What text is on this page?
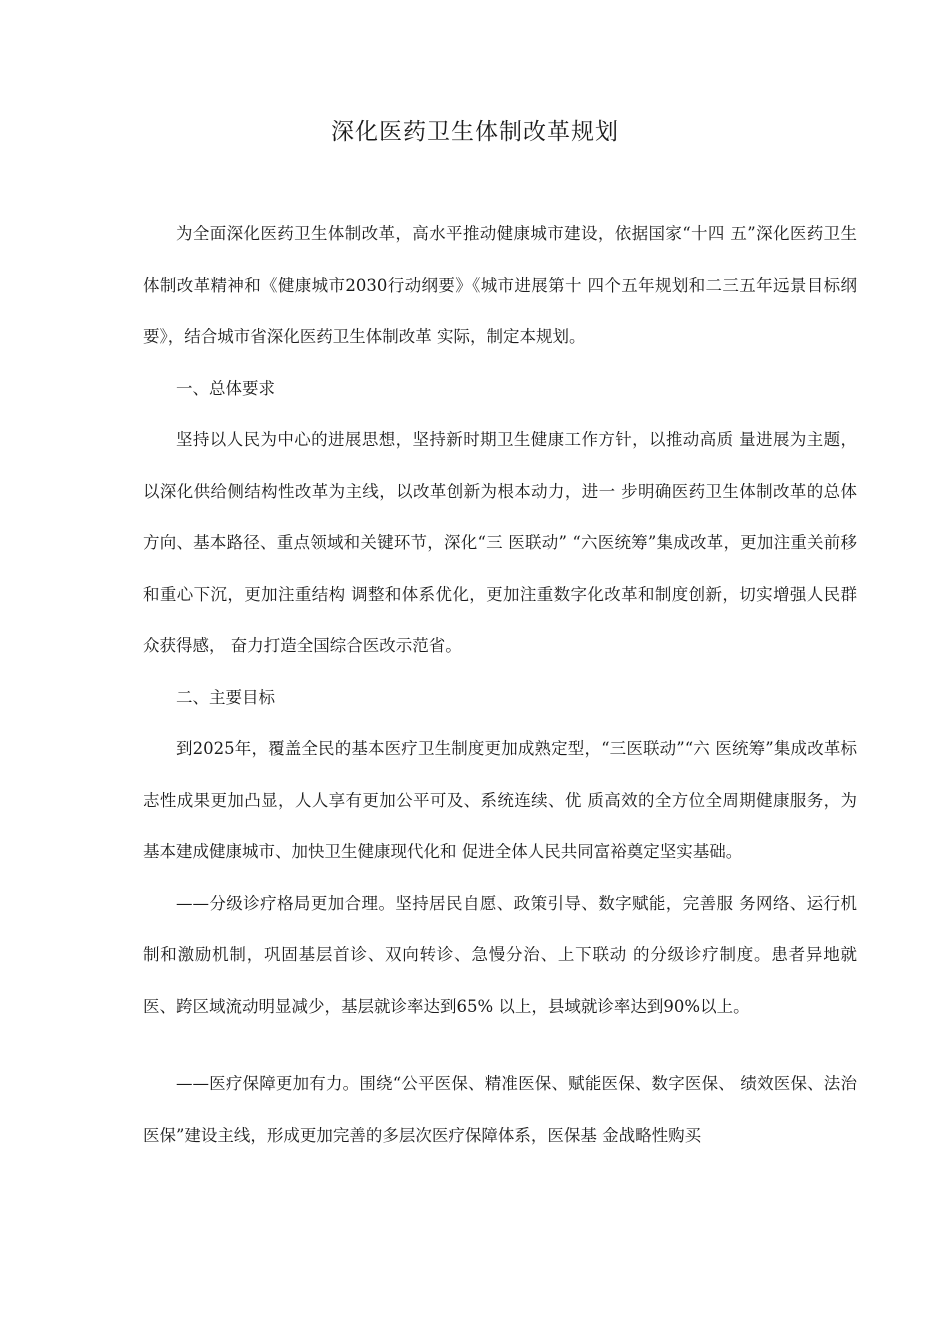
深化医药卫生体制改革规划

为全面深化医药卫生体制改革，高水平推动健康城市建设，依据国家“十四 五”深化医药卫生体制改革精神和《健康城市2030行动纲要》《城市进展第十 四个五年规划和二三五年远景目标纲要》，结合城市省深化医药卫生体制改革 实际，制定本规划。

一、总体要求

坚持以人民为中心的进展思想，坚持新时期卫生健康工作方针，以推动高质 量进展为主题，以深化供给侧结构性改革为主线，以改革创新为根本动力，进一 步明确医药卫生体制改革的总体方向、基本路径、重点领域和关键环节，深化“三 医联动” “六医统筹”集成改革，更加注重关前移和重心下沉，更加注重结构 调整和体系优化，更加注重数字化改革和制度创新，切实增强人民群众获得感， 奋力打造全国综合医改示范省。

二、主要目标

到2025年，覆盖全民的基本医疗卫生制度更加成熟定型，“三医联动”“六 医统筹”集成改革标志性成果更加凸显，人人享有更加公平可及、系统连续、优 质高效的全方位全周期健康服务，为基本建成健康城市、加快卫生健康现代化和 促进全体人民共同富裕奠定坚实基础。

——分级诊疗格局更加合理。坚持居民自愿、政策引导、数字赋能，完善服 务网络、运行机制和激励机制，巩固基层首诊、双向转诊、急慢分治、上下联动 的分级诊疗制度。患者异地就医、跨区域流动明显减少，基层就诊率达到65% 以上，县域就诊率达到90%以上。

——医疗保障更加有力。围绕“公平医保、精准医保、赋能医保、数字医保、 绩效医保、法治医保”建设主线，形成更加完善的多层次医疗保障体系，医保基 金战略性购买
